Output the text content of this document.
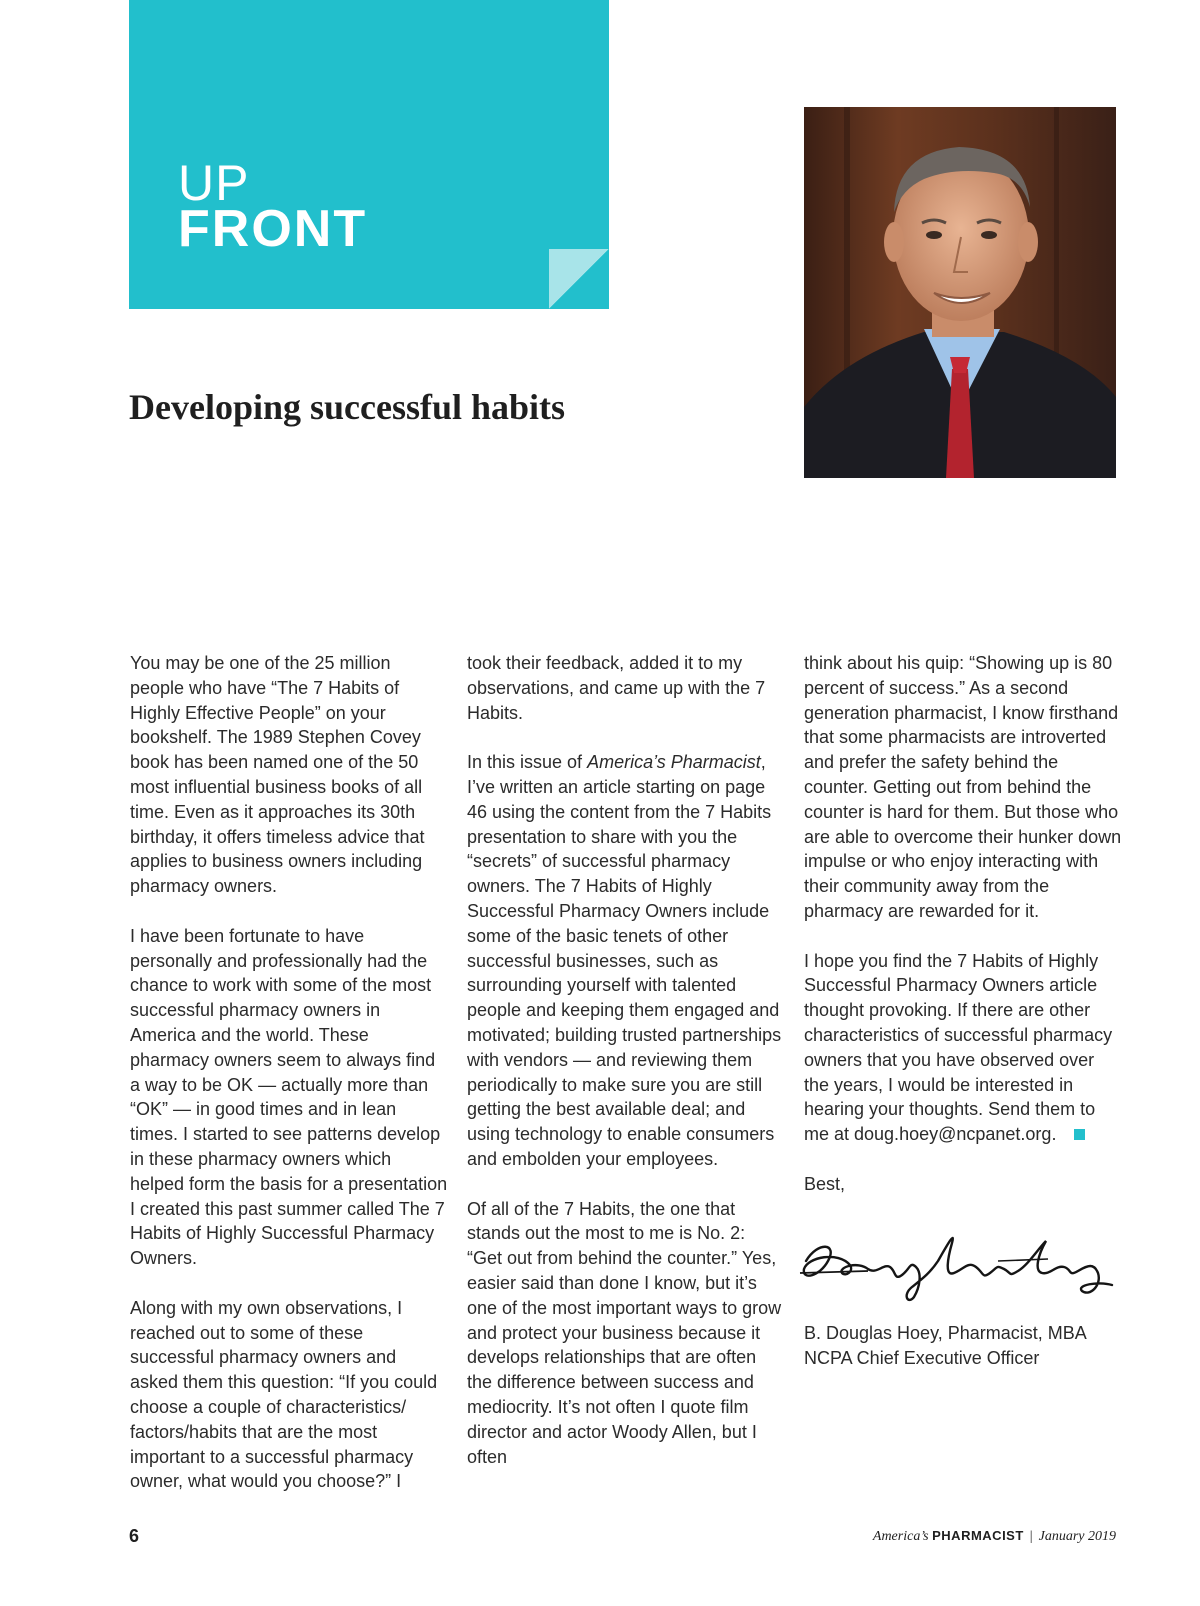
UP
FRONT
Developing successful habits

You may be one of the 25 million people who have “The 7 Habits of Highly Effective People” on your bookshelf. The 1989 Stephen Covey book has been named one of the 50 most influential business books of all time. Even as it approaches its 30th birthday, it offers timeless advice that applies to business owners including pharmacy owners.

I have been fortunate to have personally and professionally had the chance to work with some of the most successful pharmacy owners in America and the world. These pharmacy owners seem to always find a way to be OK — actually more than “OK” — in good times and in lean times. I started to see patterns develop in these pharmacy owners which helped form the basis for a presentation I created this past summer called The 7 Habits of Highly Successful Pharmacy Owners.

Along with my own observations, I reached out to some of these successful pharmacy owners and asked them this question: “If you could choose a couple of characteristics/ factors/habits that are the most important to a successful pharmacy owner, what would you choose?” I

took their feedback, added it to my observations, and came up with the 7 Habits.

In this issue of America’s Pharmacist, I’ve written an article starting on page 46 using the content from the 7 Habits presentation to share with you the “secrets” of successful pharmacy owners. The 7 Habits of Highly Successful Pharmacy Owners include some of the basic tenets of other successful businesses, such as surrounding yourself with talented people and keeping them engaged and motivated; building trusted partnerships with vendors — and reviewing them periodically to make sure you are still getting the best available deal; and using technology to enable consumers and embolden your employees.

Of all of the 7 Habits, the one that stands out the most to me is No. 2: “Get out from behind the counter.” Yes, easier said than done I know, but it’s one of the most important ways to grow and protect your business because it develops relationships that are often the difference between success and mediocrity. It’s not often I quote film director and actor Woody Allen, but I often

think about his quip: “Showing up is 80 percent of success.” As a second generation pharmacist, I know firsthand that some pharmacists are introverted and prefer the safety behind the counter. Getting out from behind the counter is hard for them. But those who are able to overcome their hunker down impulse or who enjoy interacting with their community away from the pharmacy are rewarded for it.

I hope you find the 7 Habits of Highly Successful Pharmacy Owners article thought provoking. If there are other characteristics of successful pharmacy owners that you have observed over the years, I would be interested in hearing your thoughts. Send them to me at doug.hoey@ncpanet.org.

Best,

B. Douglas Hoey, Pharmacist, MBA
NCPA Chief Executive Officer
6	America’s PHARMACIST | January 2019
